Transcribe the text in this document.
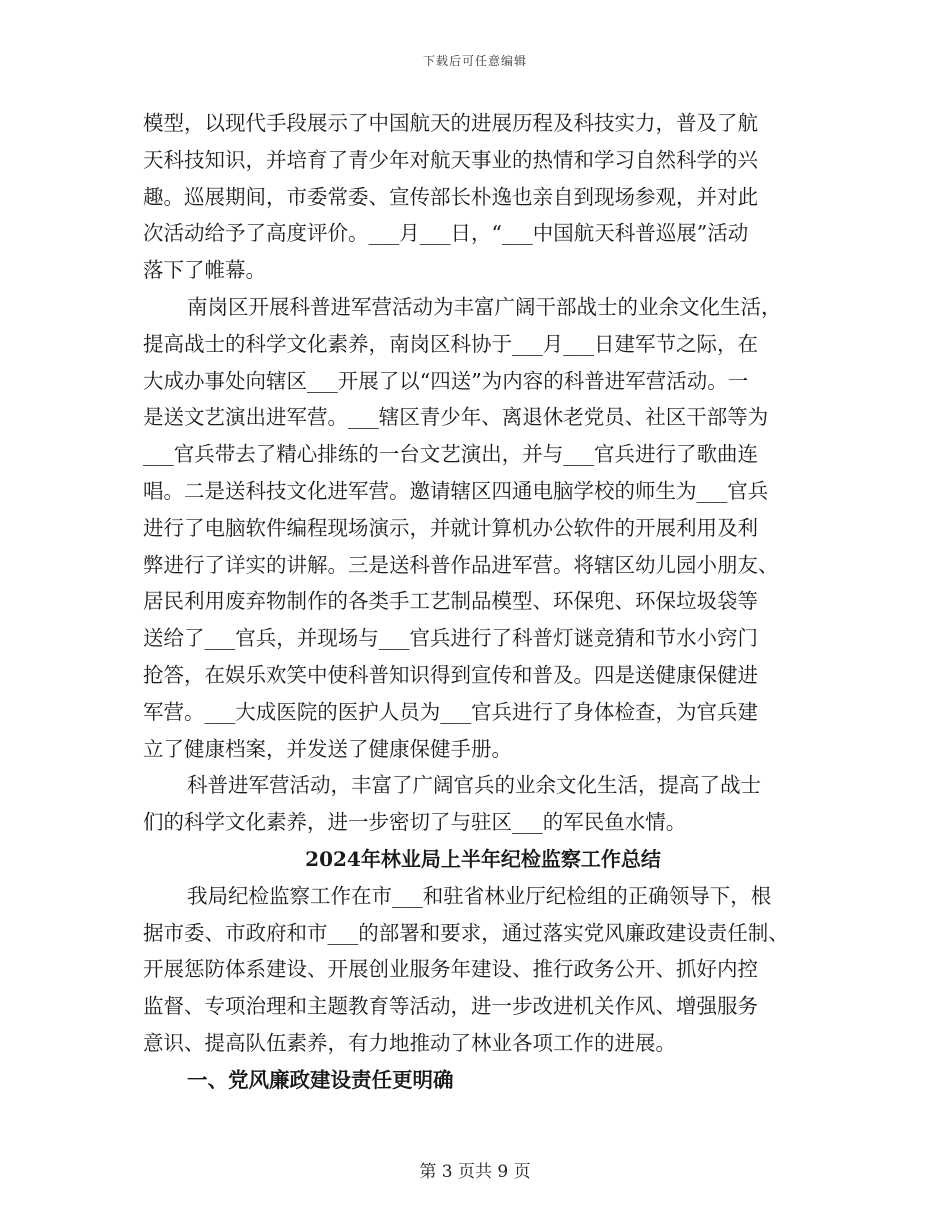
下载后可任意编辑
模型，以现代手段展示了中国航天的进展历程及科技实力，普及了航
天科技知识，并培育了青少年对航天事业的热情和学习自然科学的兴
趣。巡展期间，市委常委、宣传部长朴逸也亲自到现场参观，并对此
次活动给予了高度评价。___月___日，“___中国航天科普巡展”活动
落下了帷幕。
南岗区开展科普进军营活动为丰富广阔干部战士的业余文化生活，
提高战士的科学文化素养，南岗区科协于___月___日建军节之际，在
大成办事处向辖区___开展了以“四送”为内容的科普进军营活动。一
是送文艺演出进军营。___辖区青少年、离退休老党员、社区干部等为
___官兵带去了精心排练的一台文艺演出，并与___官兵进行了歌曲连
唱。二是送科技文化进军营。邀请辖区四通电脑学校的师生为___官兵
进行了电脑软件编程现场演示，并就计算机办公软件的开展利用及利
弊进行了详实的讲解。三是送科普作品进军营。将辖区幼儿园小朋友、
居民利用废弃物制作的各类手工艺制品模型、环保兜、环保垃圾袋等
送给了___官兵，并现场与___官兵进行了科普灯谜竞猜和节水小窍门
抢答，在娱乐欢笑中使科普知识得到宣传和普及。四是送健康保健进
军营。___大成医院的医护人员为___官兵进行了身体检查，为官兵建
立了健康档案，并发送了健康保健手册。
科普进军营活动，丰富了广阔官兵的业余文化生活，提高了战士
们的科学文化素养，进一步密切了与驻区___的军民鱼水情。
2024年林业局上半年纪检监察工作总结
我局纪检监察工作在市___和驻省林业厅纪检组的正确领导下，根
据市委、市政府和市___的部署和要求，通过落实党风廉政建设责任制、
开展惩防体系建设、开展创业服务年建设、推行政务公开、抓好内控
监督、专项治理和主题教育等活动，进一步改进机关作风、增强服务
意识、提高队伍素养，有力地推动了林业各项工作的进展。
一、党风廉政建设责任更明确
第 3 页共 9 页
